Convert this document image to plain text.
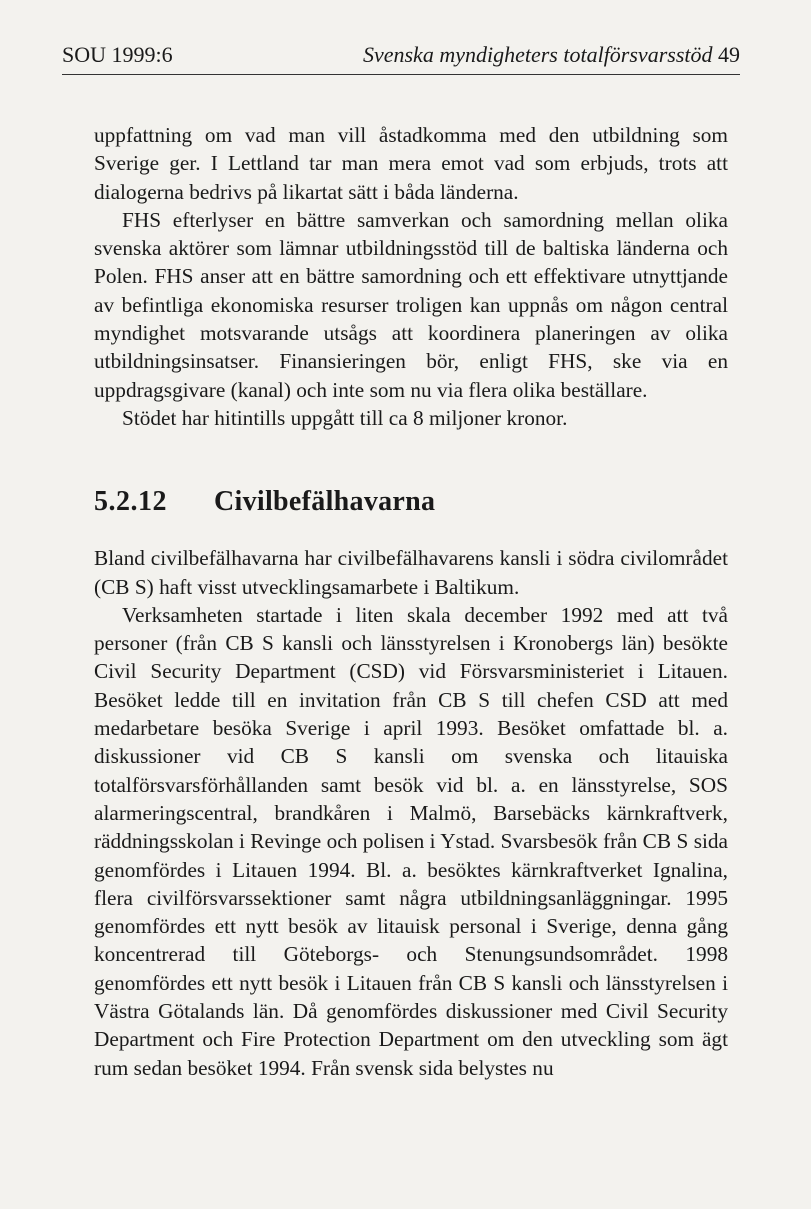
SOU 1999:6	Svenska myndigheters totalförsvarsstöd 49

uppfattning om vad man vill åstadkomma med den utbildning som Sverige ger. I Lettland tar man mera emot vad som erbjuds, trots att dialogerna bedrivs på likartat sätt i båda länderna.

FHS efterlyser en bättre samverkan och samordning mellan olika svenska aktörer som lämnar utbildningsstöd till de baltiska länderna och Polen. FHS anser att en bättre samordning och ett effektivare utnyttjande av befintliga ekonomiska resurser troligen kan uppnås om någon central myndighet motsvarande utsågs att koordinera planeringen av olika utbildningsinsatser. Finansieringen bör, enligt FHS, ske via en uppdragsgivare (kanal) och inte som nu via flera olika beställare.

Stödet har hitintills uppgått till ca 8 miljoner kronor.

5.2.12 Civilbefälhavarna

Bland civilbefälhavarna har civilbefälhavarens kansli i södra civilområdet (CB S) haft visst utvecklingsamarbete i Baltikum.

Verksamheten startade i liten skala december 1992 med att två personer (från CB S kansli och länsstyrelsen i Kronobergs län) besökte Civil Security Department (CSD) vid Försvarsministeriet i Litauen. Besöket ledde till en invitation från CB S till chefen CSD att med medarbetare besöka Sverige i april 1993. Besöket omfattade bl. a. diskussioner vid CB S kansli om svenska och litauiska totalförsvarsförhållanden samt besök vid bl. a. en länsstyrelse, SOS alarmeringscentral, brandkåren i Malmö, Barsebäcks kärnkraftverk, räddningsskolan i Revinge och polisen i Ystad. Svarsbesök från CB S sida genomfördes i Litauen 1994. Bl. a. besöktes kärnkraftverket Ignalina, flera civilförsvarssektioner samt några utbildningsanläggningar. 1995 genomfördes ett nytt besök av litauisk personal i Sverige, denna gång koncentrerad till Göteborgs- och Stenungsundsområdet. 1998 genomfördes ett nytt besök i Litauen från CB S kansli och länsstyrelsen i Västra Götalands län. Då genomfördes diskussioner med Civil Security Department och Fire Protection Department om den utveckling som ägt rum sedan besöket 1994. Från svensk sida belystes nu
